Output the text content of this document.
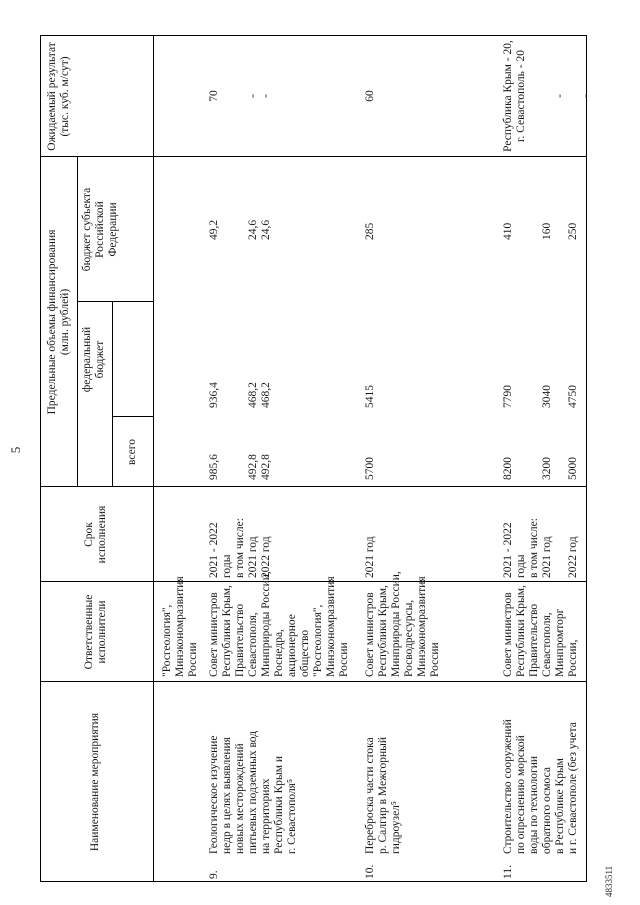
5
Наименование мероприятия
Ответственные
исполнители
Срок
исполнения
Предельные объемы финансирования
(млн. рублей)
всего
федеральный
бюджет
бюджет субъекта
Российской
Федерации
Ожидаемый результат
(тыс. куб. м/сут)
"Росгеология",
Минэкономразвития
России
9.
Геологическое изучение
недр в целях выявления
новых месторождений
питьевых подземных вод
на территориях
Республики Крым и
г. Севастополя⁵
Совет министров
Республики Крым,
Правительство
Севастополя,
Минприроды России,
Роснедра,
акционерное
общество
"Росгеология",
Минэкономразвития
России
2021 - 2022
годы
в том числе:
2021 год
2022 год
985,6

492,8
492,8
936,4

468,2
468,2
49,2

24,6
24,6
70

-
-
10.
Переброска части стока
р. Салгир в Межгорный
гидроузел⁵
Совет министров
Республики Крым,
Минприроды России,
Росводресурсы,
Минэкономразвития
России
2021 год
5700
5415
285
60
11.
Строительство сооружений
по опреснению морской
воды по технологии
обратного осмоса
в Республике Крым
и г. Севастополе (без учета
Совет министров
Республики Крым,
Правительство
Севастополя,
Минпромторг
России,
2021 - 2022
годы
в том числе:
2021 год

2022 год
8200

3200

5000
7790

3040

4750
410

160

250
Республика Крым - 20,
г. Севастополь - 20

-

-
4833511
